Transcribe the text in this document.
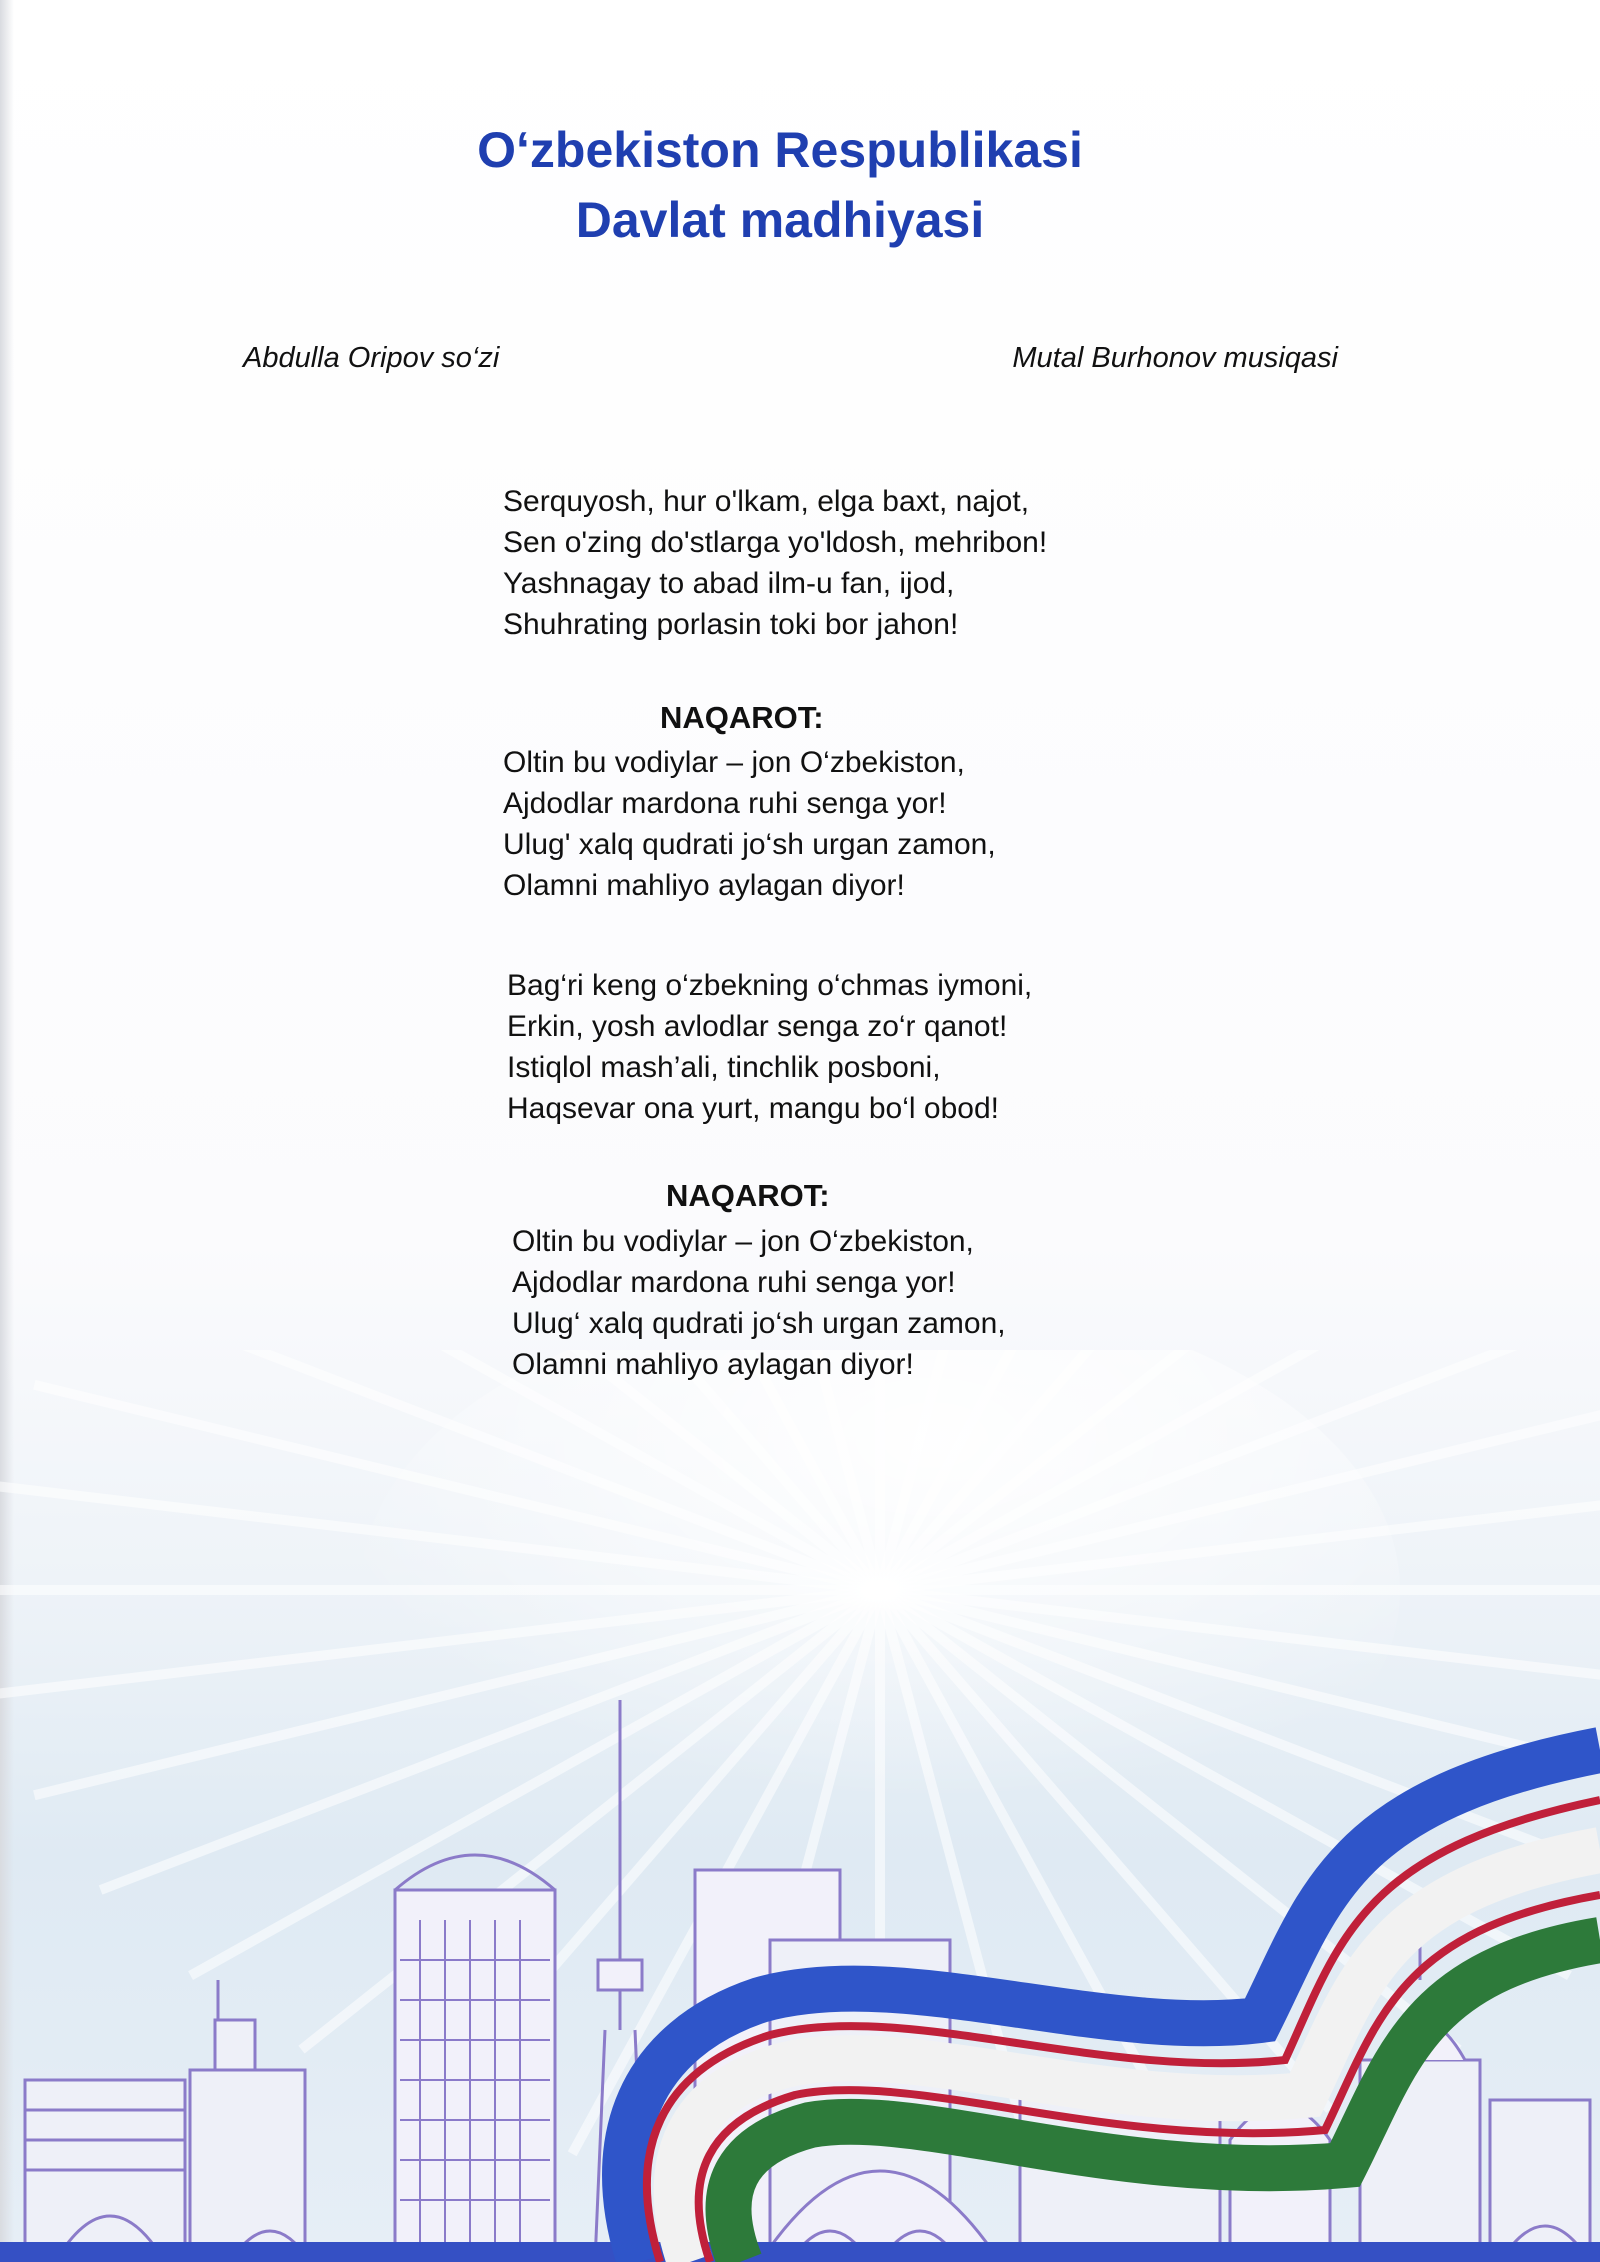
O‘zbekiston Respublikasi
Davlat madhiyasi
Abdulla Oripov so‘zi	Mutal Burhonov musiqasi
Serquyosh, hur o'lkam, elga baxt, najot,
Sen o'zing do'stlarga yo'ldosh, mehribon!
Yashnagay to abad ilm-u fan, ijod,
Shuhrating porlasin toki bor jahon!
NAQAROT:
Oltin bu vodiylar – jon O‘zbekiston,
Ajdodlar mardona ruhi senga yor!
Ulug' xalq qudrati jo‘sh urgan zamon,
Olamni mahliyo aylagan diyor!
Bag‘ri keng o‘zbekning o‘chmas iymoni,
Erkin, yosh avlodlar senga zo‘r qanot!
Istiqlol mash’ali, tinchlik posboni,
Haqsevar ona yurt, mangu bo‘l obod!
NAQAROT:
Oltin bu vodiylar – jon O‘zbekiston,
Ajdodlar mardona ruhi senga yor!
Ulug‘ xalq qudrati jo‘sh urgan zamon,
Olamni mahliyo aylagan diyor!
